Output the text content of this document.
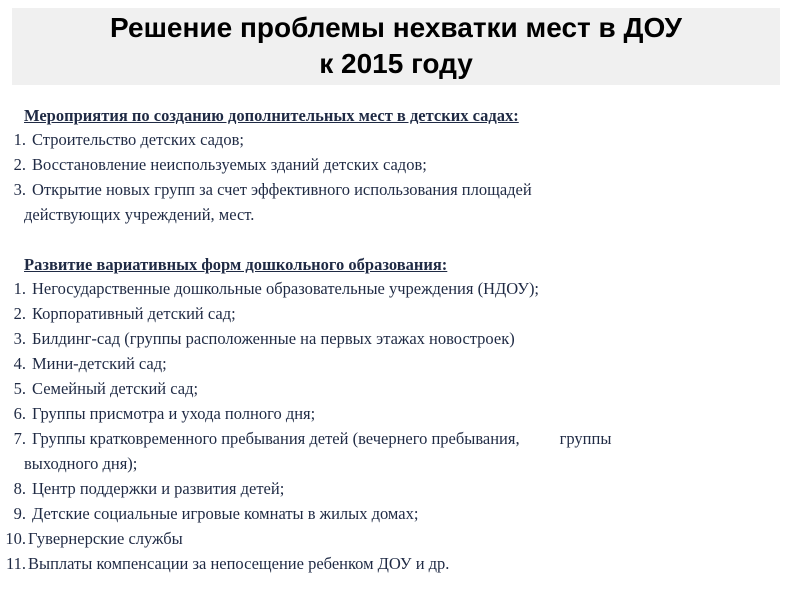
Решение проблемы нехватки мест в ДОУ
к 2015 году
Мероприятия по созданию дополнительных мест в детских садах:
1. Строительство детских садов;
2. Восстановление неиспользуемых зданий детских садов;
3. Открытие новых групп за счет эффективного использования площадей
действующих учреждений, мест.
Развитие вариативных форм дошкольного образования:
1. Негосударственные дошкольные образовательные учреждения (НДОУ);
2. Корпоративный детский сад;
3. Билдинг-сад (группы расположенные на первых этажах новостроек)
4. Мини-детский сад;
5. Семейный детский сад;
6. Группы присмотра и ухода полного дня;
7. Группы кратковременного пребывания детей (вечернего пребывания, группы
выходного дня);
8. Центр поддержки и развития детей;
9. Детские социальные игровые комнаты в жилых домах;
10. Гувернерские службы
11. Выплаты компенсации за непосещение ребенком ДОУ и др.
